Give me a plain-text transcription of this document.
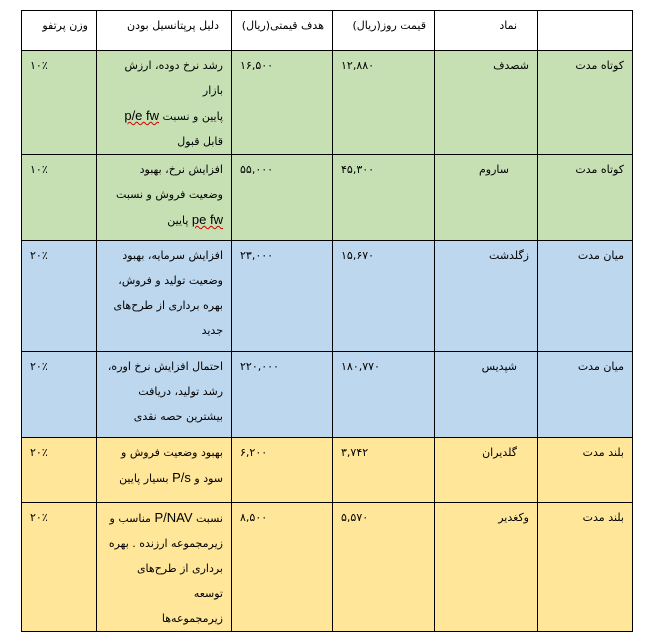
	نماد	قیمت روز(ریال)	هدف قیمتی(ریال)	دلیل پرپتانسیل بودن	وزن پرتفو
کوتاه مدت	شصدف	۱۲,۸۸۰	۱۶,۵۰۰	رشد نرخ دوده، ارزش بازار
پایین و نسبت p/e fw
قابل قبول	۱۰٪

کوتاه مدت	ساروم	۴۵,۳۰۰	۵۵,۰۰۰	افزایش نرخ، بهبود
وضعیت فروش و نسبت
pe fw پایین	۱۰٪

میان مدت	زگلدشت	۱۵,۶۷۰	۲۳,۰۰۰	افزایش سرمایه، بهبود
وضعیت تولید و فروش،
بهره برداری از طرح‌های
جدید	۲۰٪

میان مدت	شپدیس	۱۸۰,۷۷۰	۲۲۰,۰۰۰	احتمال افزایش نرخ اوره،
رشد تولید، دریافت
بیشترین حصه نقدی	۲۰٪

بلند مدت	گلدیران	۳,۷۴۲	۶,۲۰۰	بهبود وضعیت فروش و
سود و P/s بسیار پایین	۲۰٪

بلند مدت	وکغدیر	۵,۵۷۰	۸,۵۰۰	نسبت P/NAV مناسب و
زیرمجموعه ارزنده . بهره
برداری از طرح‌های توسعه
زیرمجموعه‌ها	۲۰٪
